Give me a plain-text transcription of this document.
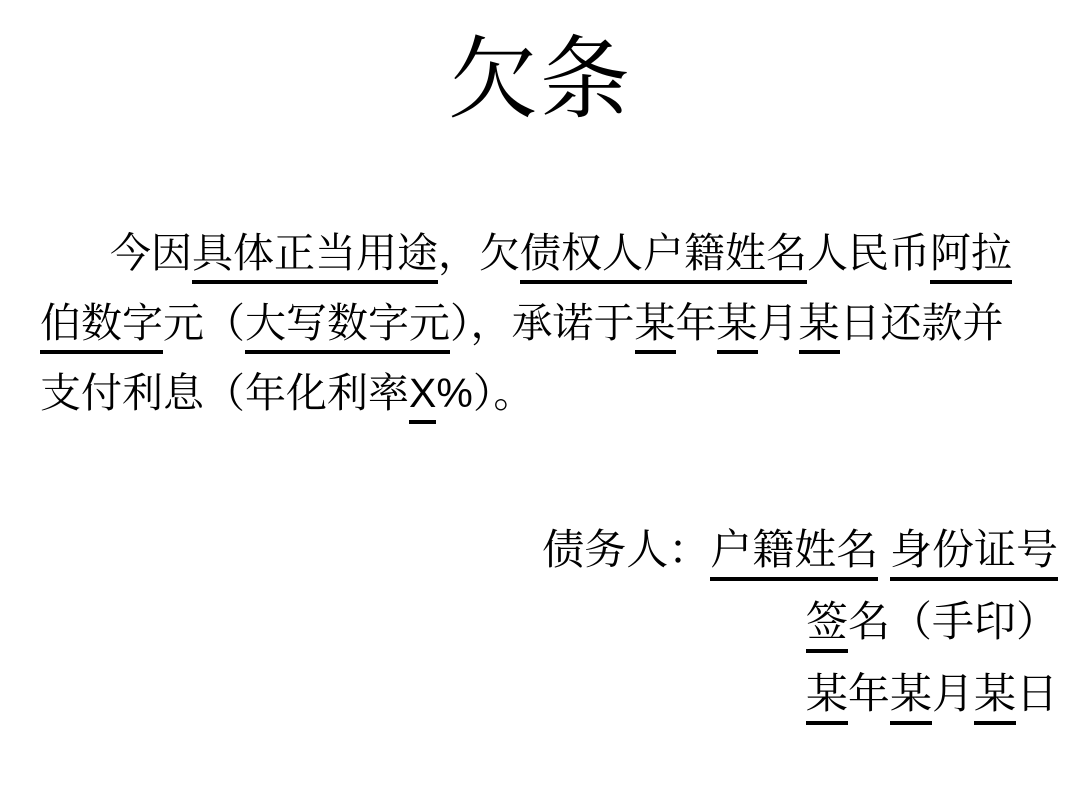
欠条
今因具体正当用途，欠债权人户籍姓名人民币阿拉
伯数字元（大写数字元），承诺于某年某月某日还款并
支付利息（年化利率X%）。
债务人：户籍姓名 身份证号
签名（手印）
某年某月某日
